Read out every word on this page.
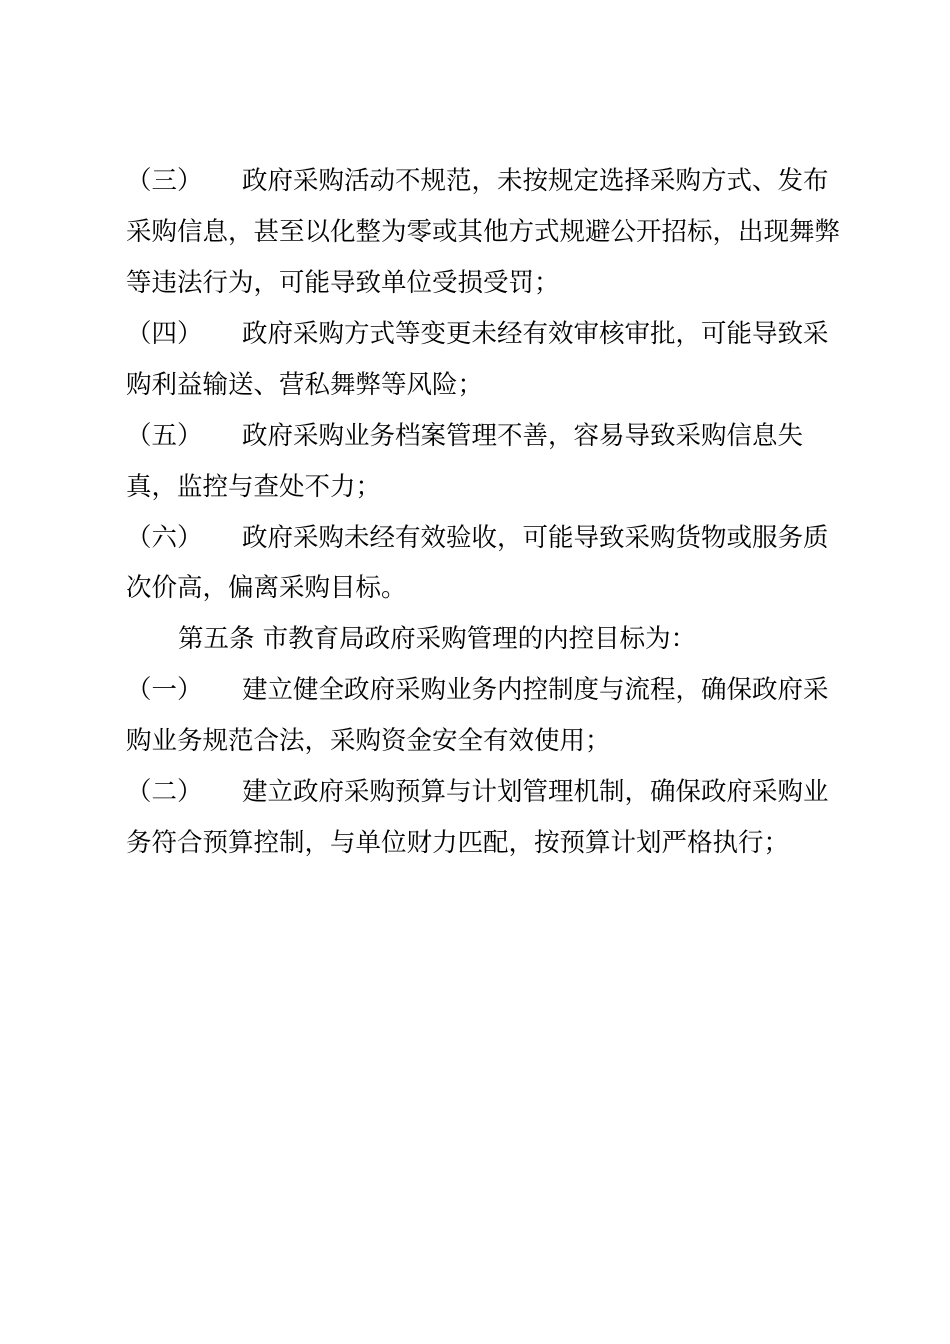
（三） 政府采购活动不规范，未按规定选择采购方式、发布
采购信息，甚至以化整为零或其他方式规避公开招标，出现舞弊
等违法行为，可能导致单位受损受罚；
（四） 政府采购方式等变更未经有效审核审批，可能导致采
购利益输送、营私舞弊等风险；
（五） 政府采购业务档案管理不善，容易导致采购信息失
真，监控与查处不力；
（六） 政府采购未经有效验收，可能导致采购货物或服务质
次价高，偏离采购目标。
第五条 市教育局政府采购管理的内控目标为：
（一） 建立健全政府采购业务内控制度与流程，确保政府采
购业务规范合法，采购资金安全有效使用；
（二） 建立政府采购预算与计划管理机制，确保政府采购业
务符合预算控制，与单位财力匹配，按预算计划严格执行；
